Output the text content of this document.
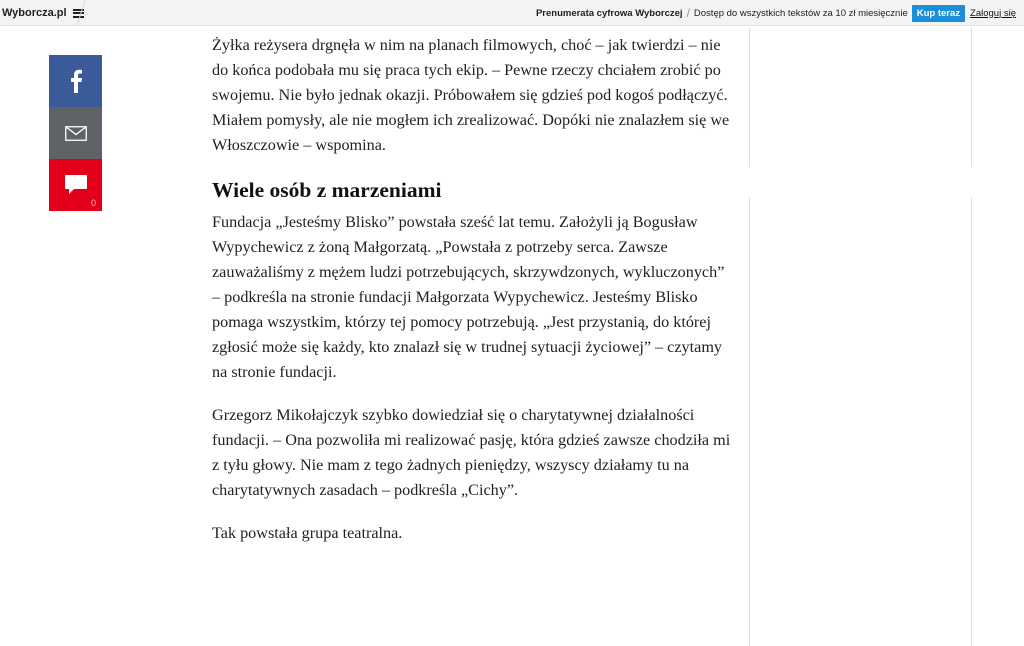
Wyborcza.pl	Prenumerata cyfrowa Wyborczej / Dostęp do wszystkich tekstów za 10 zł miesięcznie Kup teraz	Zaloguj się
0

Żyłka reżysera drgnęła w nim na planach filmowych, choć – jak twierdzi – nie do końca podobała mu się praca tych ekip. – Pewne rzeczy chciałem zrobić po swojemu. Nie było jednak okazji. Próbowałem się gdzieś pod kogoś podłączyć. Miałem pomysły, ale nie mogłem ich zrealizować. Dopóki nie znalazłem się we Włoszczowie – wspomina.

Wiele osób z marzeniami

Fundacja „Jesteśmy Blisko” powstała sześć lat temu. Założyli ją Bogusław Wypychewicz z żoną Małgorzatą. „Powstała z potrzeby serca. Zawsze zauważaliśmy z mężem ludzi potrzebujących, skrzywdzonych, wykluczonych” – podkreśla na stronie fundacji Małgorzata Wypychewicz. Jesteśmy Blisko pomaga wszystkim, którzy tej pomocy potrzebują. „Jest przystanią, do której zgłosić może się każdy, kto znalazł się w trudnej sytuacji życiowej” – czytamy na stronie fundacji.

Grzegorz Mikołajczyk szybko dowiedział się o charytatywnej działalności fundacji. – Ona pozwoliła mi realizować pasję, która gdzieś zawsze chodziła mi z tyłu głowy. Nie mam z tego żadnych pieniędzy, wszyscy działamy tu na charytatywnych zasadach – podkreśla „Cichy”.

Tak powstała grupa teatralna.
